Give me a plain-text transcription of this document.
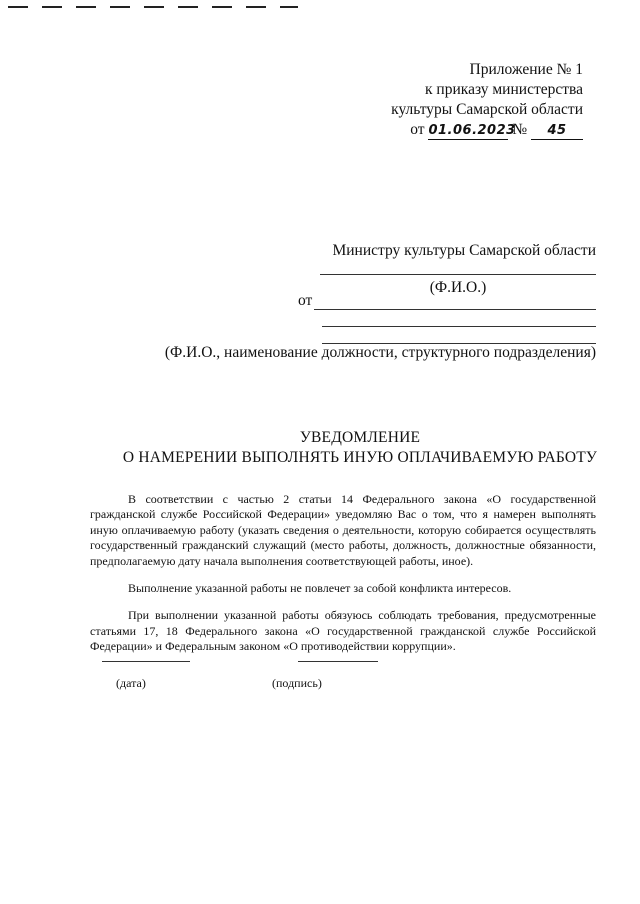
Приложение № 1
к приказу министерства
культуры Самарской области
от 01.06.2023 № 45
Министру культуры Самарской области
(Ф.И.О.)
от
(Ф.И.О., наименование должности, структурного подразделения)
УВЕДОМЛЕНИЕ
О НАМЕРЕНИИ ВЫПОЛНЯТЬ ИНУЮ ОПЛАЧИВАЕМУЮ РАБОТУ

В соответствии с частью 2 статьи 14 Федерального закона «О государственной гражданской службе Российской Федерации» уведомляю Вас о том, что я намерен выполнять иную оплачиваемую работу (указать сведения о деятельности, которую собирается осуществлять государственный гражданский служащий (место работы, должность, должностные обязанности, предполагаемую дату начала выполнения соответствующей работы, иное).

Выполнение указанной работы не повлечет за собой конфликта интересов.

При выполнении указанной работы обязуюсь соблюдать требования, предусмотренные статьями 17, 18 Федерального закона «О государственной гражданской службе Российской Федерации» и Федеральным законом «О противодействии коррупции».

(дата)	(подпись)
